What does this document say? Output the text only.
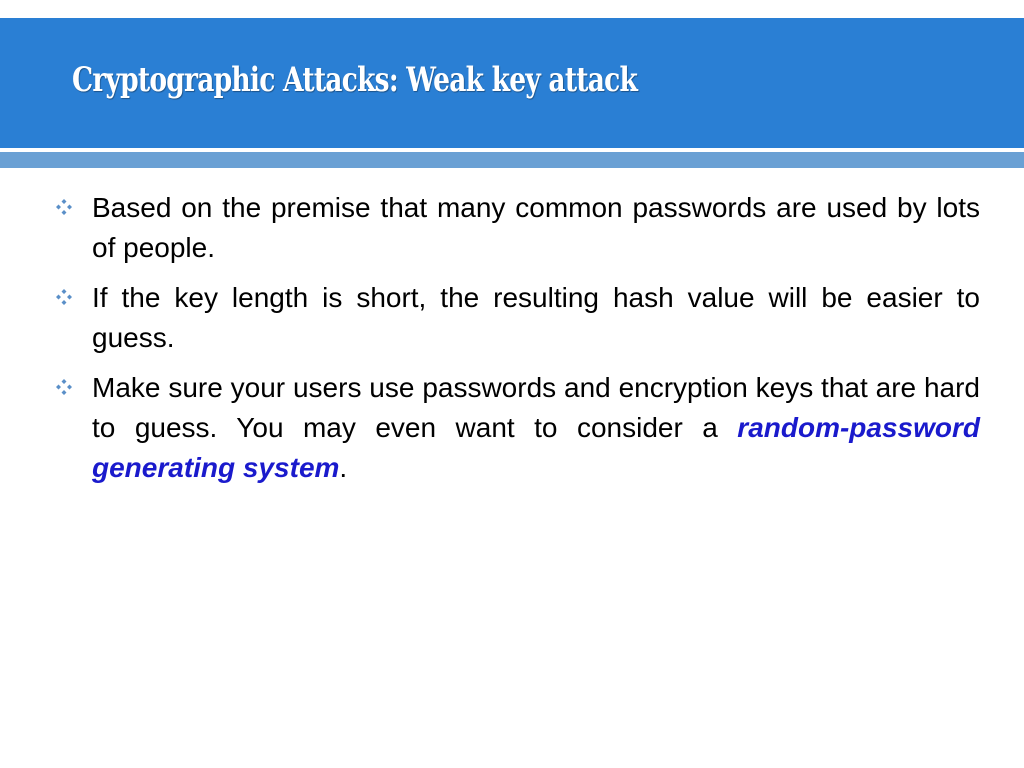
Cryptographic Attacks: Weak key attack
Based on the premise that many common passwords are used by lots of people.
If the key length is short, the resulting hash value will be easier to guess.
Make sure your users use passwords and encryption keys that are hard to guess. You may even want to consider a random-password generating system.
